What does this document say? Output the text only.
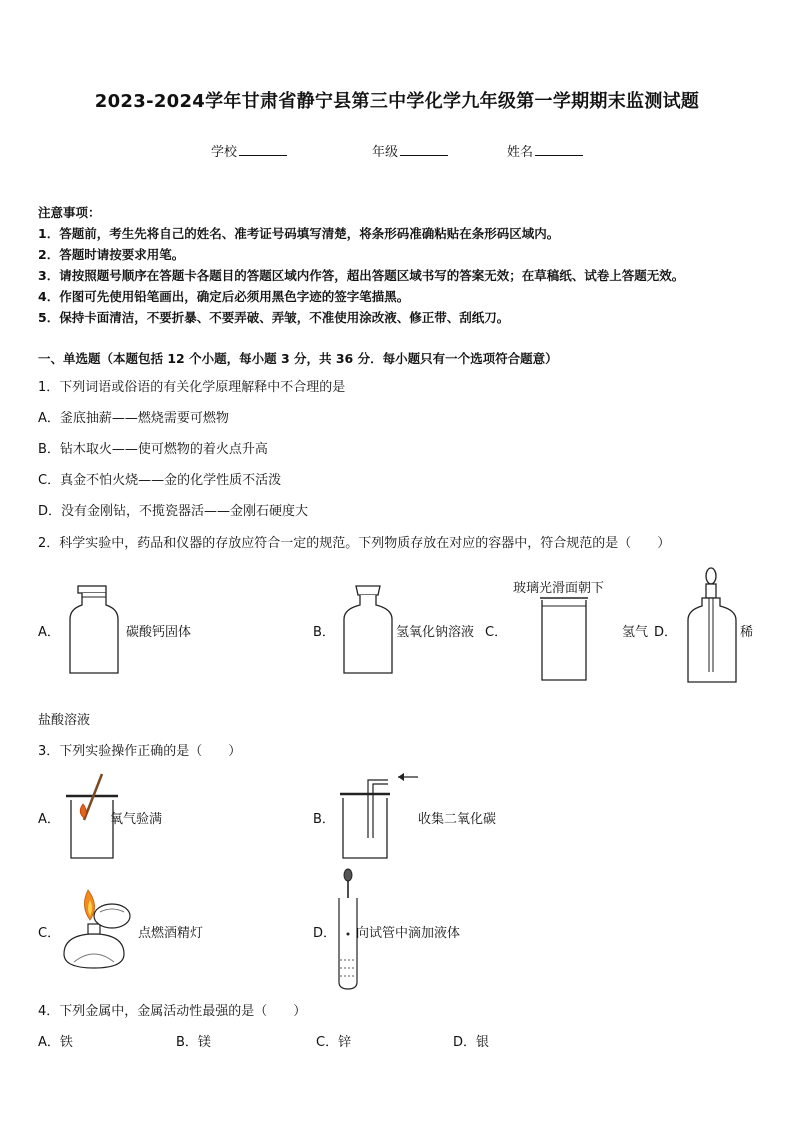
2023-2024学年甘肃省静宁县第三中学化学九年级第一学期期末监测试题
学校	年级	姓名
注意事项：
1．答题前，考生先将自己的姓名、准考证号码填写清楚，将条形码准确粘贴在条形码区域内。
2．答题时请按要求用笔。
3．请按照题号顺序在答题卡各题目的答题区域内作答，超出答题区域书写的答案无效；在草稿纸、试卷上答题无效。
4．作图可先使用铅笔画出，确定后必须用黑色字迹的签字笔描黑。
5．保持卡面清洁，不要折暴、不要弄破、弄皱，不准使用涂改液、修正带、刮纸刀。
一、单选题（本题包括 12 个小题，每小题 3 分，共 36 分．每小题只有一个选项符合题意）
1．下列词语或俗语的有关化学原理解释中不合理的是
A．釜底抽薪——燃烧需要可燃物
B．钻木取火——使可燃物的着火点升高
C．真金不怕火烧——金的化学性质不活泼
D．没有金刚钻，不揽瓷器活——金刚石硬度大
2．科学实验中，药品和仪器的存放应符合一定的规范。下列物质存放在对应的容器中，符合规范的是（　　）
A．	碳酸钙固体	B．	氢氧化钠溶液 C．
玻璃光滑面朝下
氢气 D．	稀
盐酸溶液
3．下列实验操作正确的是（　　）
A．	氧气验满	B．	收集二氧化碳
C．	点燃酒精灯	D． 向试管中滴加液体
4．下列金属中，金属活动性最强的是（　　）
A．铁	B．镁	C．锌	D．银
